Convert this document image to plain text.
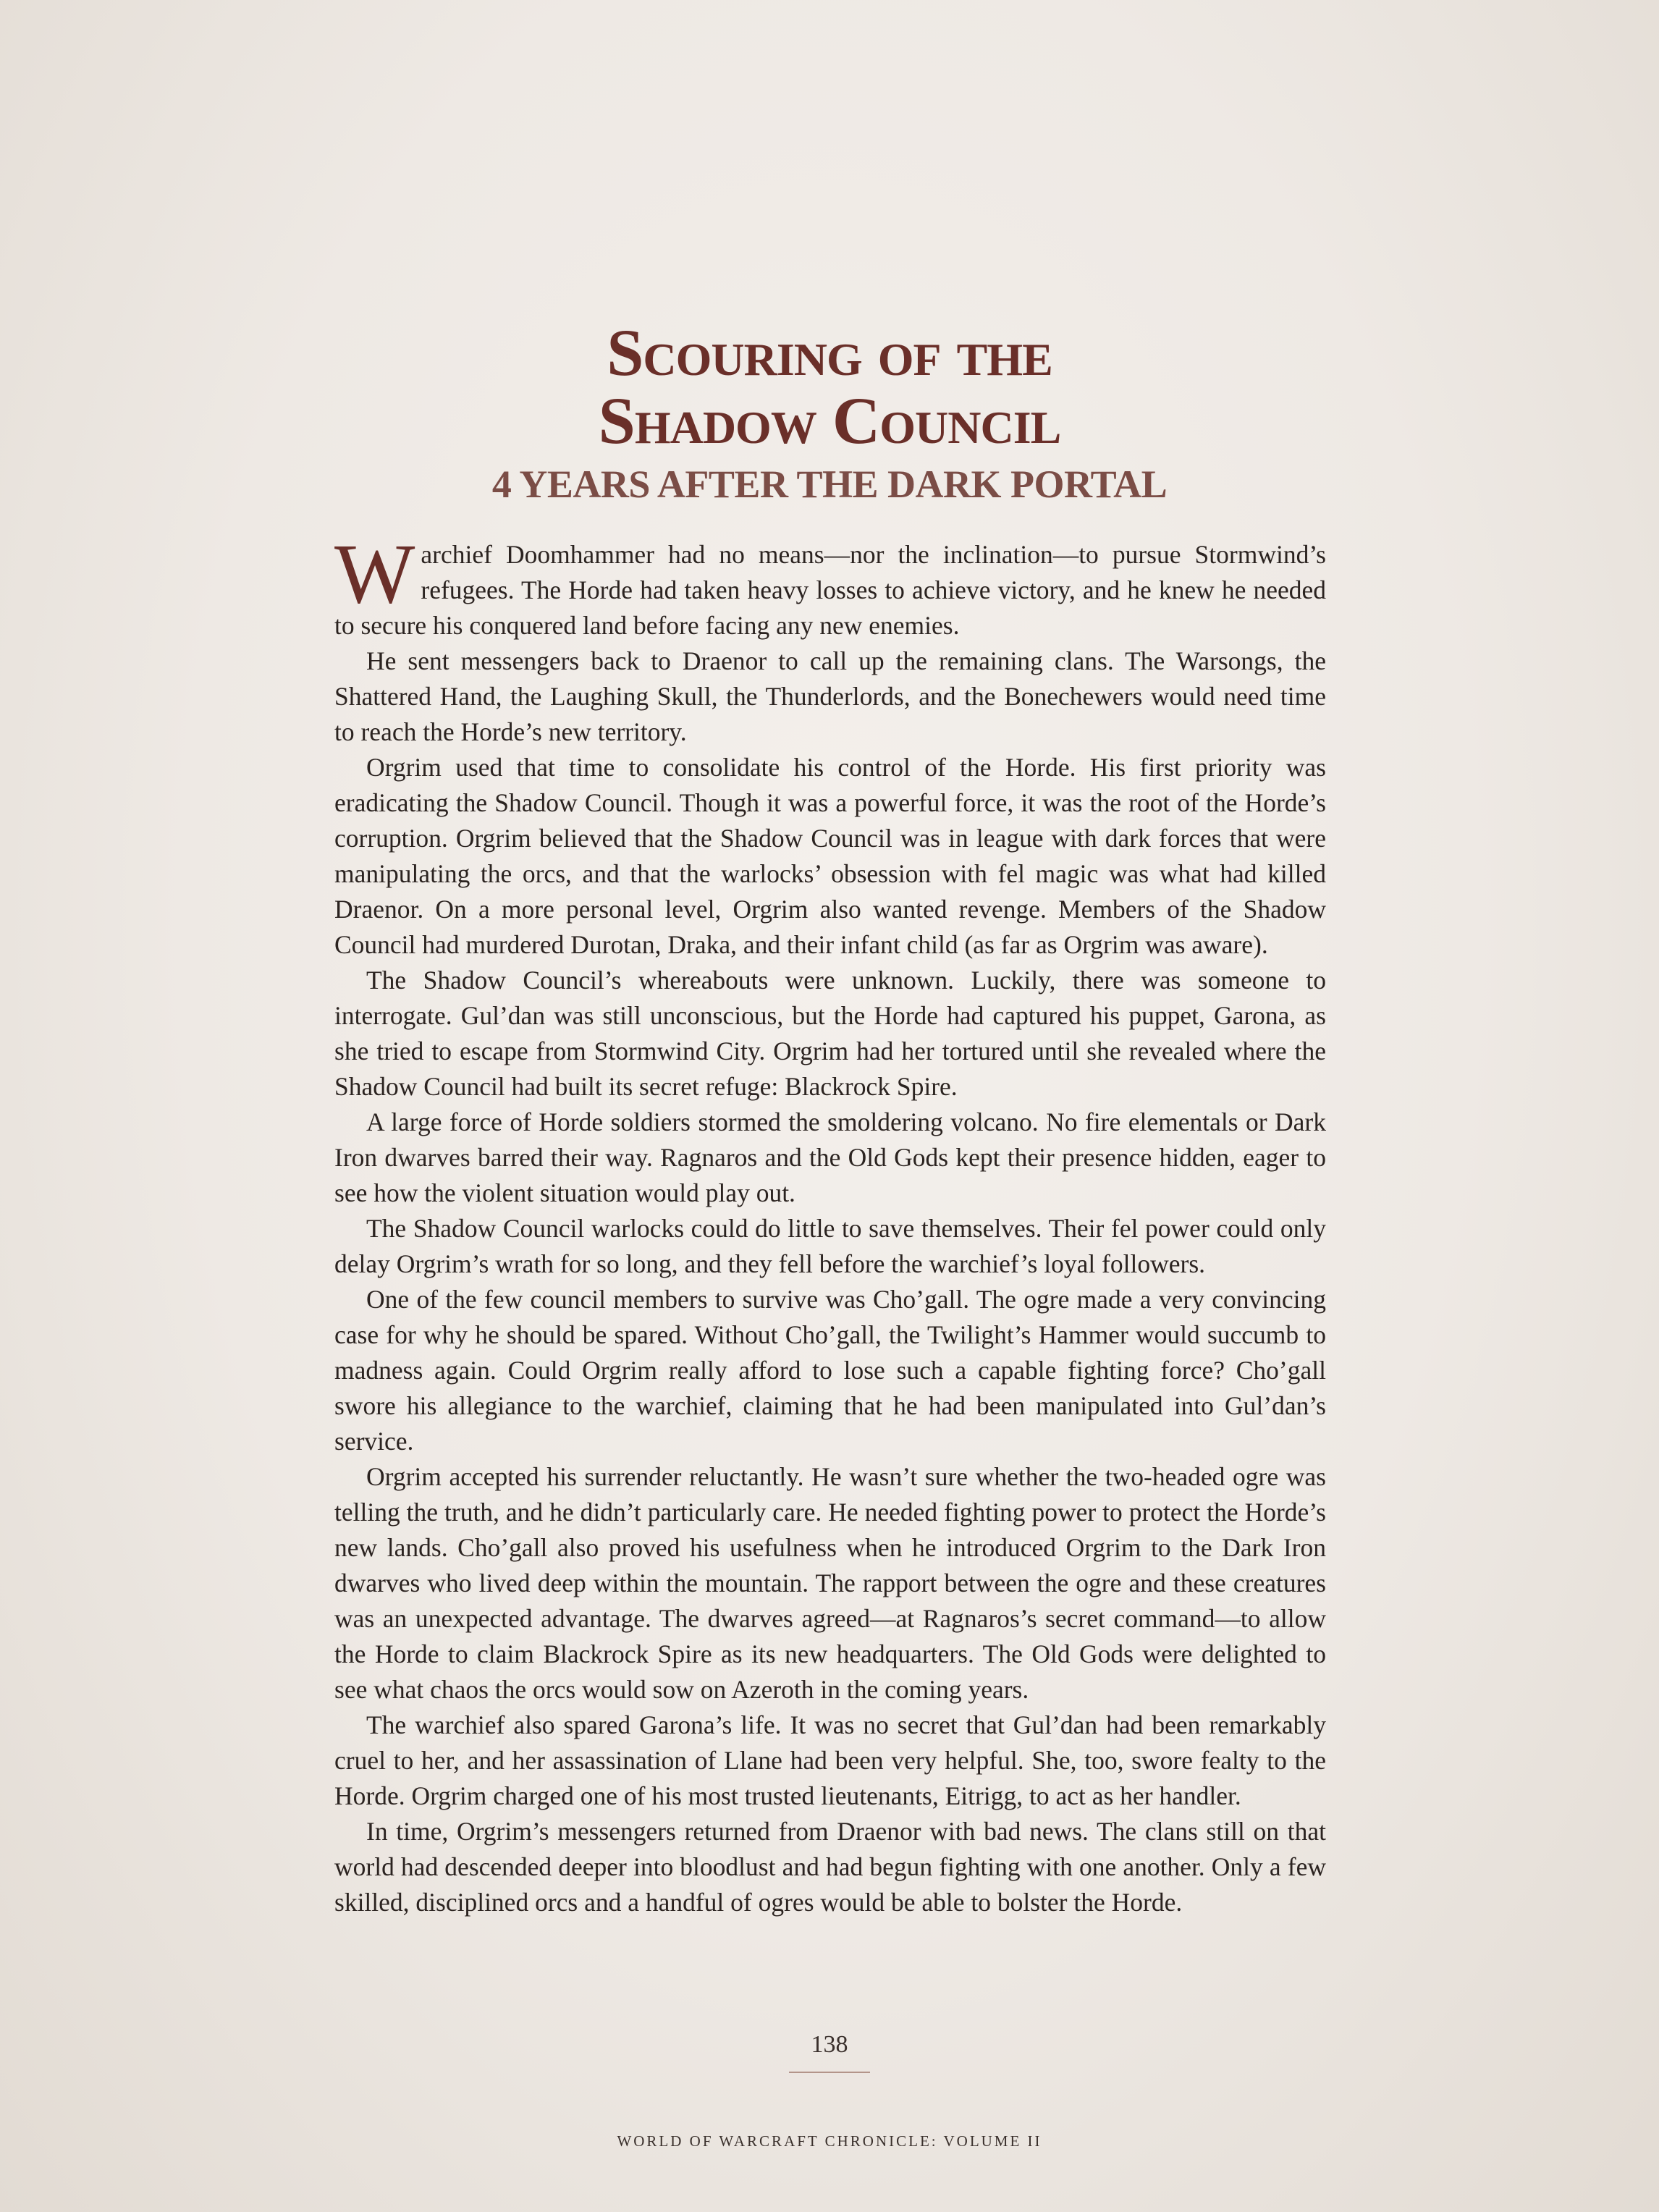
Scouring of the
Shadow Council
4 YEARS AFTER THE DARK PORTAL

Warchief Doomhammer had no means—nor the inclination—to pursue Stormwind’s refugees. The Horde had taken heavy losses to achieve victory, and he knew he needed to secure his conquered land before facing any new enemies.

He sent messengers back to Draenor to call up the remaining clans. The Warsongs, the Shattered Hand, the Laughing Skull, the Thunderlords, and the Bonechewers would need time to reach the Horde’s new territory.

Orgrim used that time to consolidate his control of the Horde. His first priority was eradicating the Shadow Council. Though it was a powerful force, it was the root of the Horde’s corruption. Orgrim believed that the Shadow Council was in league with dark forces that were manipulating the orcs, and that the warlocks’ obsession with fel magic was what had killed Draenor. On a more personal level, Orgrim also wanted revenge. Members of the Shadow Council had murdered Durotan, Draka, and their infant child (as far as Orgrim was aware).

The Shadow Council’s whereabouts were unknown. Luckily, there was someone to interrogate. Gul’dan was still unconscious, but the Horde had captured his puppet, Garona, as she tried to escape from Stormwind City. Orgrim had her tortured until she revealed where the Shadow Council had built its secret refuge: Blackrock Spire.

A large force of Horde soldiers stormed the smoldering volcano. No fire elementals or Dark Iron dwarves barred their way. Ragnaros and the Old Gods kept their presence hidden, eager to see how the violent situation would play out.

The Shadow Council warlocks could do little to save themselves. Their fel power could only delay Orgrim’s wrath for so long, and they fell before the warchief’s loyal followers.

One of the few council members to survive was Cho’gall. The ogre made a very convincing case for why he should be spared. Without Cho’gall, the Twilight’s Hammer would succumb to madness again. Could Orgrim really afford to lose such a capable fighting force? Cho’gall swore his allegiance to the warchief, claiming that he had been manipulated into Gul’dan’s service.

Orgrim accepted his surrender reluctantly. He wasn’t sure whether the two-headed ogre was telling the truth, and he didn’t particularly care. He needed fighting power to protect the Horde’s new lands. Cho’gall also proved his usefulness when he introduced Orgrim to the Dark Iron dwarves who lived deep within the mountain. The rapport between the ogre and these creatures was an unexpected advantage. The dwarves agreed—at Ragnaros’s secret command—to allow the Horde to claim Blackrock Spire as its new headquarters. The Old Gods were delighted to see what chaos the orcs would sow on Azeroth in the coming years.

The warchief also spared Garona’s life. It was no secret that Gul’dan had been remarkably cruel to her, and her assassination of Llane had been very helpful. She, too, swore fealty to the Horde. Orgrim charged one of his most trusted lieutenants, Eitrigg, to act as her handler.

In time, Orgrim’s messengers returned from Draenor with bad news. The clans still on that world had descended deeper into bloodlust and had begun fighting with one another. Only a few skilled, disciplined orcs and a handful of ogres would be able to bolster the Horde.

138
WORLD OF WARCRAFT CHRONICLE: VOLUME II
